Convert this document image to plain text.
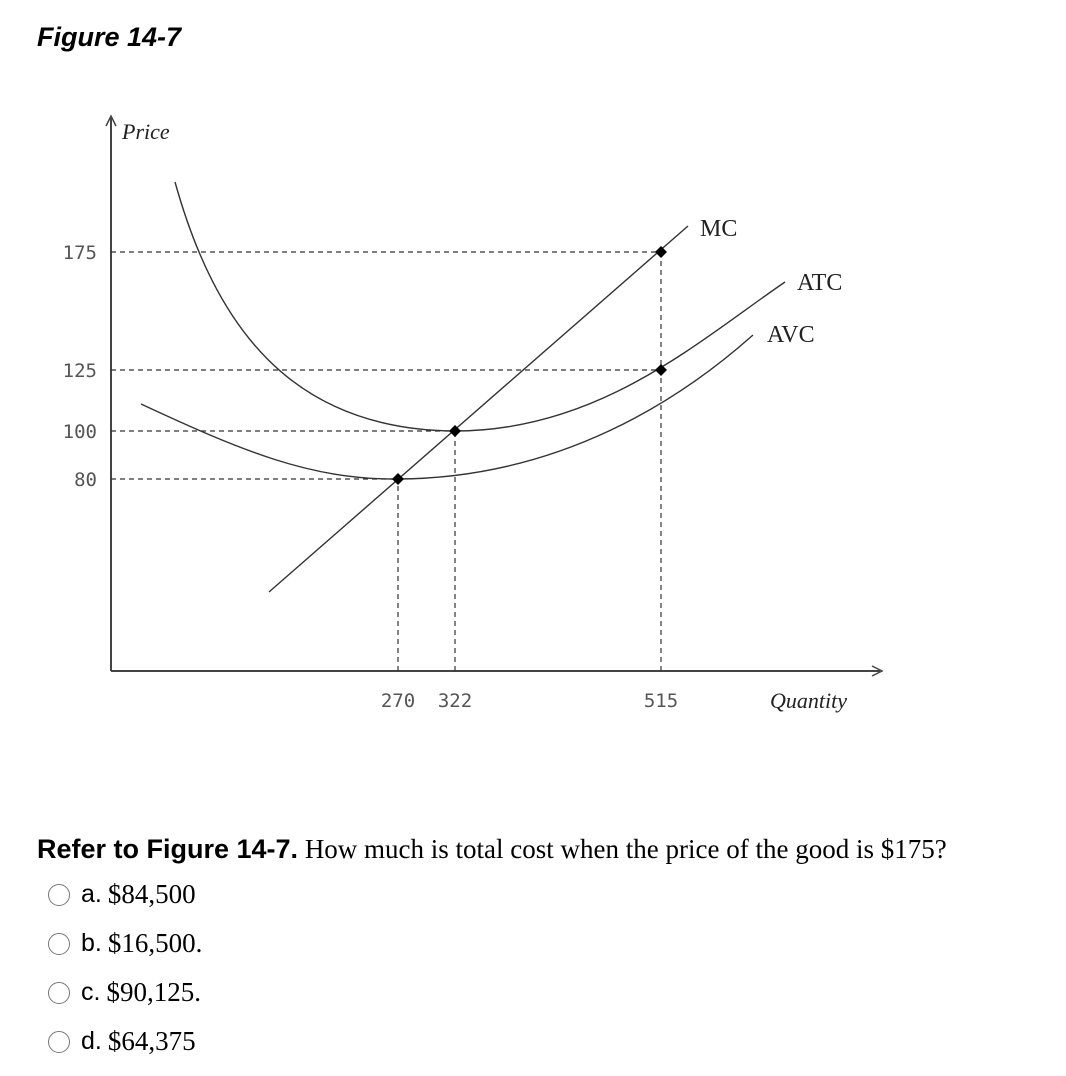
Figure 14-7
Price
Quantity
175
125
100
80
270 322	515
MC
ATC
AVC
Refer to Figure 14-7. How much is total cost when the price of the good is $175?
a. $84,500
b. $16,500.
c. $90,125.
d. $64,375
